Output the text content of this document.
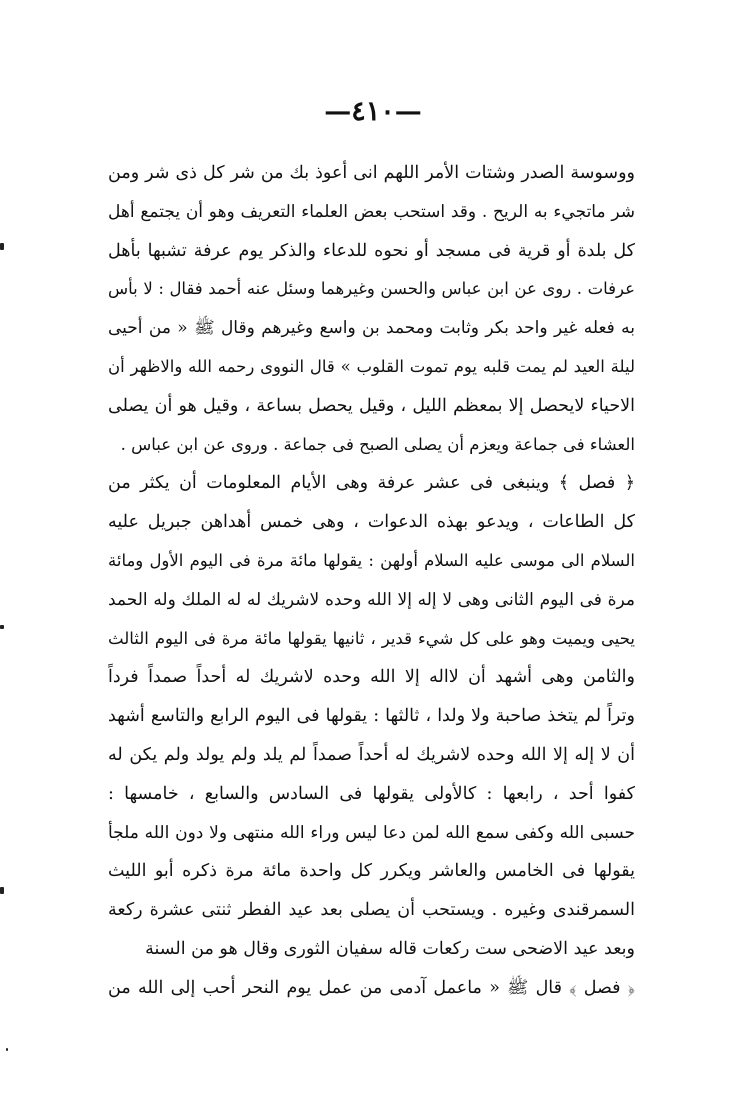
—٤١٠—
ووسوسة الصدر وشتات الأمر اللهم انى أعوذ بك من شر كل ذى شر ومن
شر ماتجيء به الريح . وقد استحب بعض العلماء التعريف وهو أن يجتمع أهل
كل بلدة أو قرية فى مسجد أو نحوه للدعاء والذكر يوم عرفة تشبها بأهل
عرفات . روى عن ابن عباس والحسن وغيرهما وسئل عنه أحمد فقال : لا بأس
به فعله غير واحد بكر وثابت ومحمد بن واسع وغيرهم وقال ﷺ « من أحيى
ليلة العيد لم يمت قلبه يوم تموت القلوب » قال النووى رحمه الله والاظهر أن
الاحياء لايحصل إلا بمعظم الليل ، وقيل يحصل بساعة ، وقيل هو أن يصلى
العشاء فى جماعة ويعزم أن يصلى الصبح فى جماعة . وروى عن ابن عباس .
﴿ فصل ﴾ وينبغى فى عشر عرفة وهى الأيام المعلومات أن يكثر من
كل الطاعات ، ويدعو بهذه الدعوات ، وهى خمس أهداهن جبريل عليه
السلام الى موسى عليه السلام أولهن : يقولها مائة مرة فى اليوم الأول ومائة
مرة فى اليوم الثانى وهى لا إله إلا الله وحده لاشريك له له الملك وله الحمد
يحيى ويميت وهو على كل شيء قدير ، ثانيها يقولها مائة مرة فى اليوم الثالث
والثامن وهى أشهد أن لااله إلا الله وحده لاشريك له أحداً صمداً فرداً
وتراً لم يتخذ صاحبة ولا ولدا ، ثالثها : يقولها فى اليوم الرابع والتاسع أشهد
أن لا إله إلا الله وحده لاشريك له أحداً صمداً لم يلد ولم يولد ولم يكن له
كفوا أحد ، رابعها : كالأولى يقولها فى السادس والسابع ، خامسها :
حسبى الله وكفى سمع الله لمن دعا ليس وراء الله منتهى ولا دون الله ملجأ
يقولها فى الخامس والعاشر ويكرر كل واحدة مائة مرة ذكره أبو الليث
السمرقندى وغيره . ويستحب أن يصلى بعد عيد الفطر ثنتى عشرة ركعة
وبعد عيد الاضحى ست ركعات قاله سفيان الثورى وقال هو من السنة
﴿ فصل ﴾ قال ﷺ « ماعمل آدمى من عمل يوم النحر أحب إلى الله من
